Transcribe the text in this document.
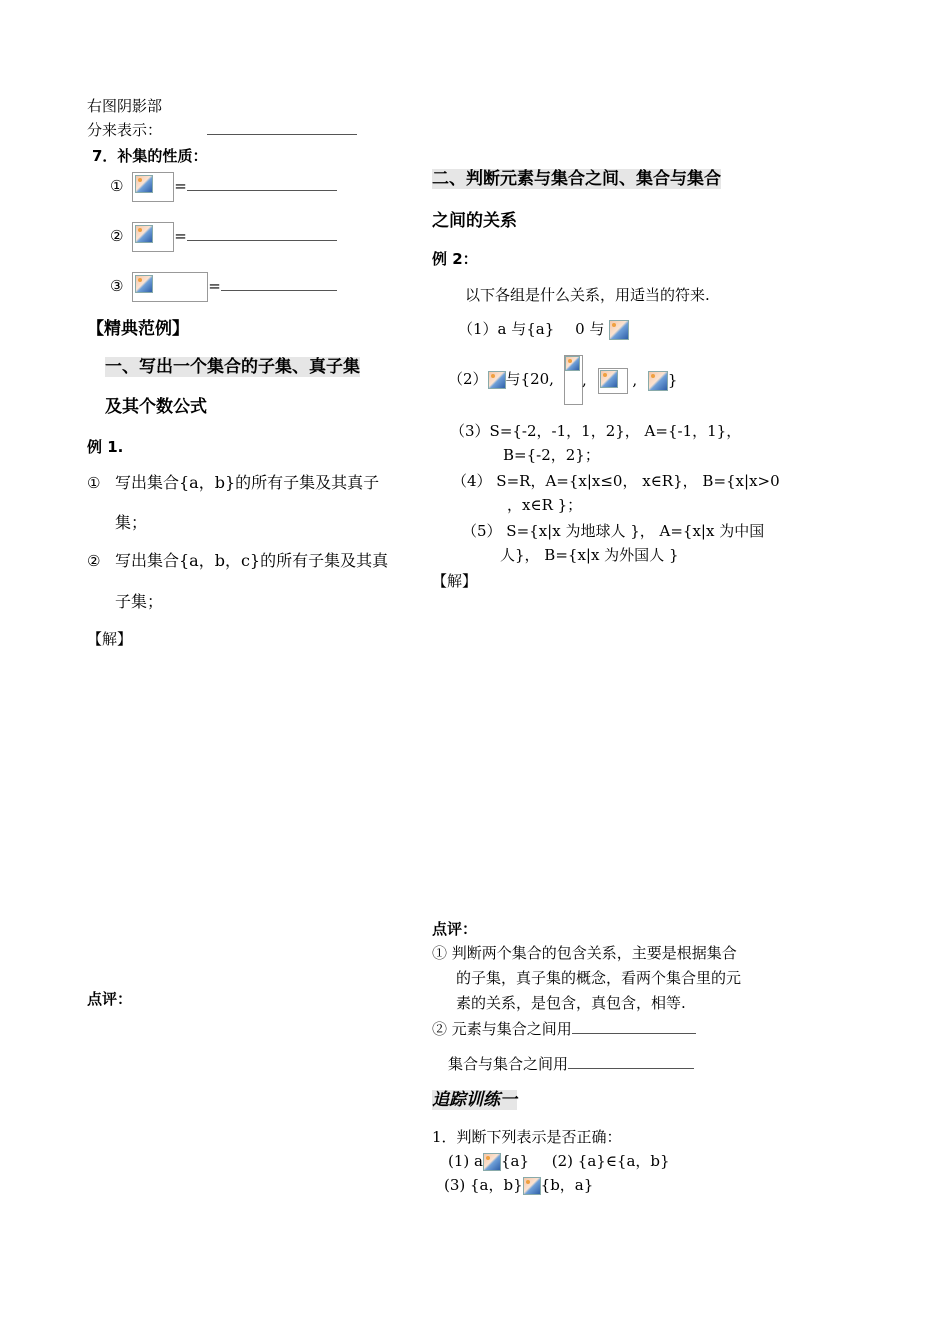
右图阴影部
分来表示：
7．补集的性质：
①	=
②	=
③	=
【精典范例】
一、写出一个集合的子集、真子集
及其个数公式
例 1.
① 写出集合{a，b}的所有子集及其真子
集；
② 写出集合{a，b，c}的所有子集及其真
子集；
【解】
点评：
二、判断元素与集合之间、集合与集合
之间的关系
例 2：
以下各组是什么关系，用适当的符来.
（1）a 与{a} 0 与
（2） 与{20, ,	, }
（3）S={-2，-1，1，2}， A={-1，1}，
B={-2，2}；
（4） S=R，A={x|x≤0， x∈R}， B={x|x>0
，x∈R }；
（5） S={x|x 为地球人 }， A={x|x 为中国
人}， B={x|x 为外国人 }
【解】
点评：
① 判断两个集合的包含关系，主要是根据集合
的子集，真子集的概念，看两个集合里的元
素的关系，是包含，真包含，相等.
② 元素与集合之间用
集合与集合之间用
追踪训练一
1．判断下列表示是否正确：
(1) a {a} (2) {a}∈{a，b}
(3) {a，b} {b，a}
